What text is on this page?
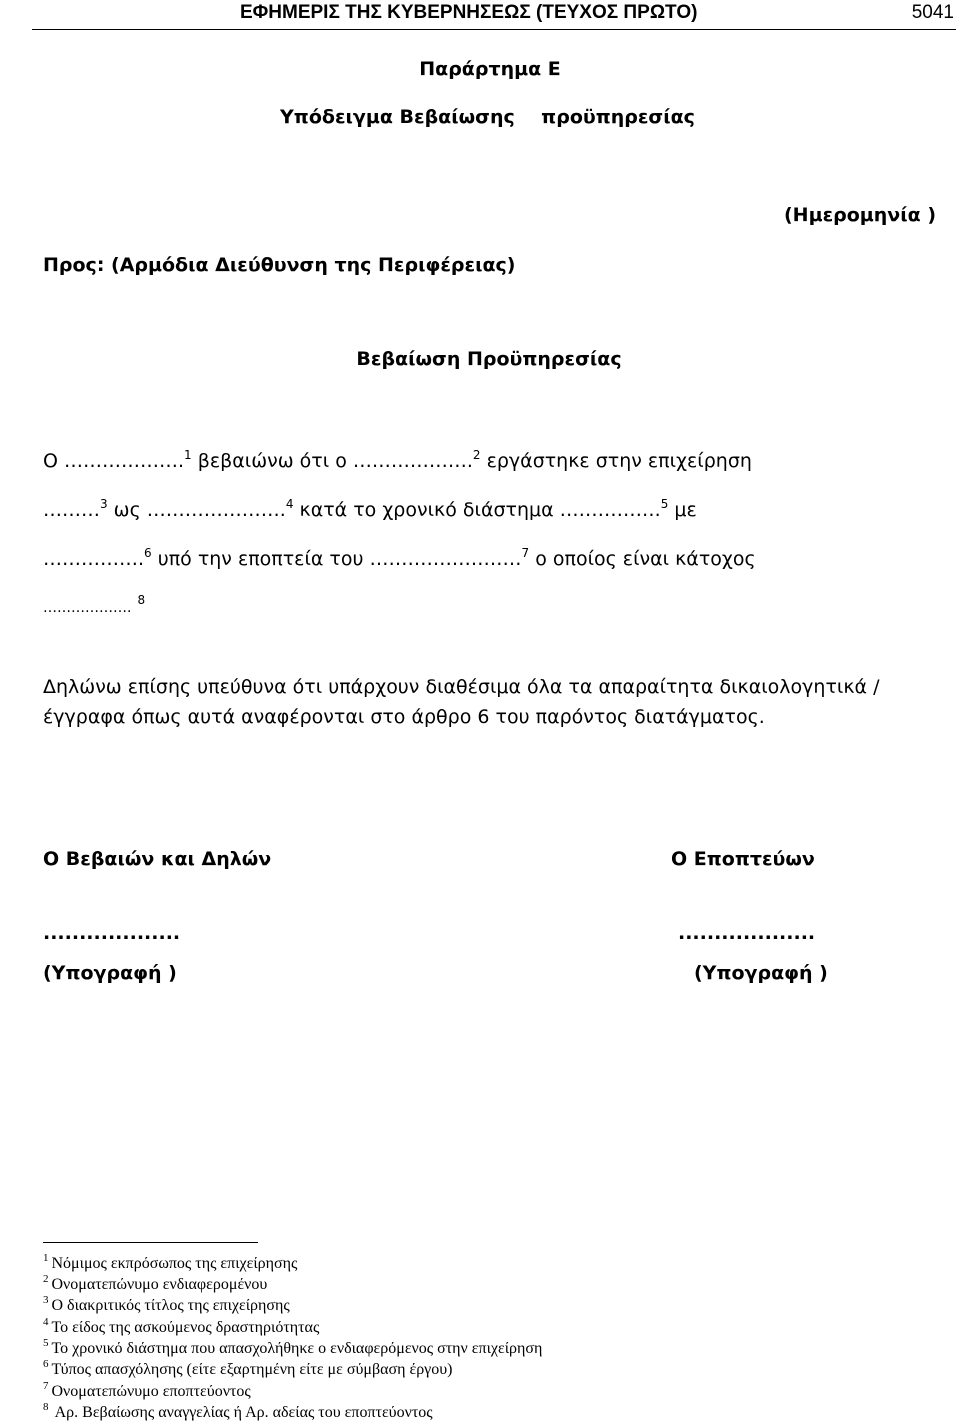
ΕΦΗΜΕΡΙΣ ΤΗΣ ΚΥΒΕΡΝΗΣΕΩΣ (ΤΕΥΧΟΣ ΠΡΩΤΟ)	5041
Παράρτημα Ε
Υπόδειγμα Βεβαίωσης    προϋπηρεσίας
(Ημερομηνία )
Προς: (Αρμόδια Διεύθυνση της Περιφέρειας)
Βεβαίωση Προϋπηρεσίας
Ο ……………….$^1$ βεβαιώνω ότι ο ……………….$^2$ εργάστηκε στην επιχείρηση
………$^3$ ως ………………….$^4$ κατά το χρονικό διάστημα …………….$^5$ με
…………….$^6$ υπό την εποπτεία του ……………………$^7$ ο οποίος είναι κάτοχος
………………. $^8$
Δηλώνω επίσης υπεύθυνα ότι υπάρχουν διαθέσιμα όλα τα απαραίτητα δικαιολογητικά / έγγραφα όπως αυτά αναφέρονται στο άρθρο 6 του παρόντος διατάγματος.
Ο Βεβαιών και Δηλών	Ο Εποπτεύων
...................	...................
(Υπογραφή )	(Υπογραφή )
$^1$ Νόμιμος εκπρόσωπος της επιχείρησης
$^2$ Ονοματεπώνυμο ενδιαφερομένου
$^3$ Ο διακριτικός τίτλος της επιχείρησης
$^4$ Το είδος της ασκούμενος δραστηριότητας
$^5$ Το χρονικό διάστημα που απασχολήθηκε ο ενδιαφερόμενος στην επιχείρηση
$^6$ Τύπος απασχόλησης (είτε εξαρτημένη είτε με σύμβαση έργου)
$^7$ Ονοματεπώνυμο εποπτεύοντος
$^8$ Αρ. Βεβαίωσης αναγγελίας ή Αρ. αδείας του εποπτεύοντος
